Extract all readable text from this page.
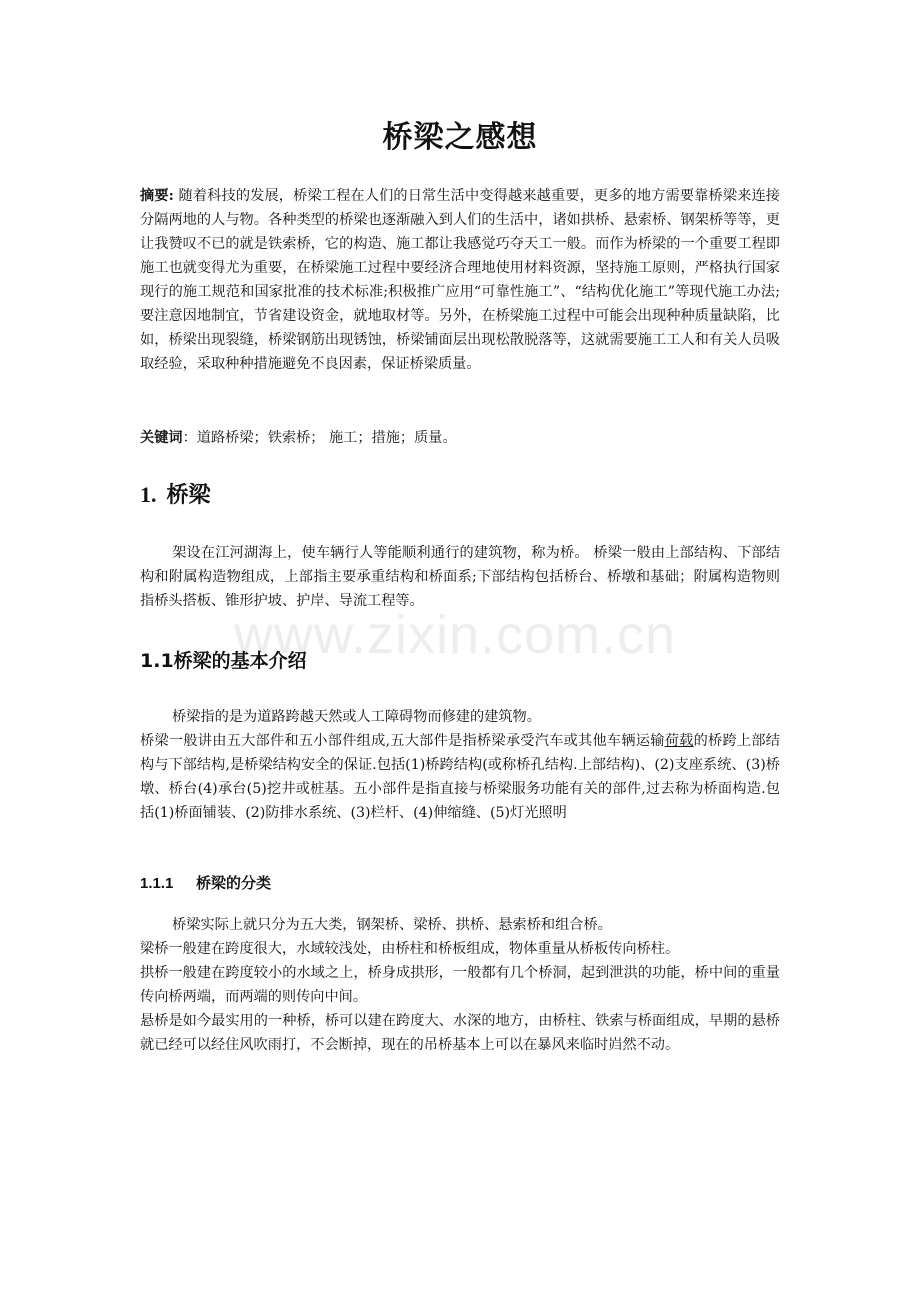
www.zixin.com.cn
桥梁之感想
摘要: 随着科技的发展，桥梁工程在人们的日常生活中变得越来越重要，更多的地方需要靠桥梁来连接分隔两地的人与物。各种类型的桥梁也逐渐融入到人们的生活中，诸如拱桥、悬索桥、钢架桥等等，更让我赞叹不已的就是铁索桥，它的构造、施工都让我感觉巧夺天工一般。而作为桥梁的一个重要工程即施工也就变得尤为重要，在桥梁施工过程中要经济合理地使用材料资源，坚持施工原则，严格执行国家现行的施工规范和国家批准的技术标准;积极推广应用“可靠性施工”、“结构优化施工”等现代施工办法;要注意因地制宜，节省建设资金，就地取材等。另外，在桥梁施工过程中可能会出现种种质量缺陷，比如，桥梁出现裂缝，桥梁钢筋出现锈蚀，桥梁铺面层出现松散脱落等，这就需要施工工人和有关人员吸取经验，采取种种措施避免不良因素，保证桥梁质量。
关键词：道路桥梁；铁索桥； 施工；措施；质量。
1. 桥梁
架设在江河湖海上，使车辆行人等能顺利通行的建筑物，称为桥。 桥梁一般由上部结构、下部结构和附属构造物组成，上部指主要承重结构和桥面系;下部结构包括桥台、桥墩和基础；附属构造物则指桥头搭板、锥形护坡、护岸、导流工程等。
1.1桥梁的基本介绍
桥梁指的是为道路跨越天然或人工障碍物而修建的建筑物。
桥梁一般讲由五大部件和五小部件组成,五大部件是指桥梁承受汽车或其他车辆运输荷载的桥跨上部结构与下部结构,是桥梁结构安全的保证.包括(1)桥跨结构(或称桥孔结构.上部结构)、(2)支座系统、(3)桥墩、桥台(4)承台(5)挖井或桩基。五小部件是指直接与桥梁服务功能有关的部件,过去称为桥面构造.包括(1)桥面铺装、(2)防排水系统、(3)栏杆、(4)伸缩缝、(5)灯光照明
1.1.1 桥梁的分类
桥梁实际上就只分为五大类，钢架桥、梁桥、拱桥、悬索桥和组合桥。
梁桥一般建在跨度很大，水域较浅处，由桥柱和桥板组成，物体重量从桥板传向桥柱。
拱桥一般建在跨度较小的水域之上，桥身成拱形，一般都有几个桥洞，起到泄洪的功能，桥中间的重量传向桥两端，而两端的则传向中间。
悬桥是如今最实用的一种桥，桥可以建在跨度大、水深的地方，由桥柱、铁索与桥面组成，早期的悬桥就已经可以经住风吹雨打，不会断掉，现在的吊桥基本上可以在暴风来临时岿然不动。
